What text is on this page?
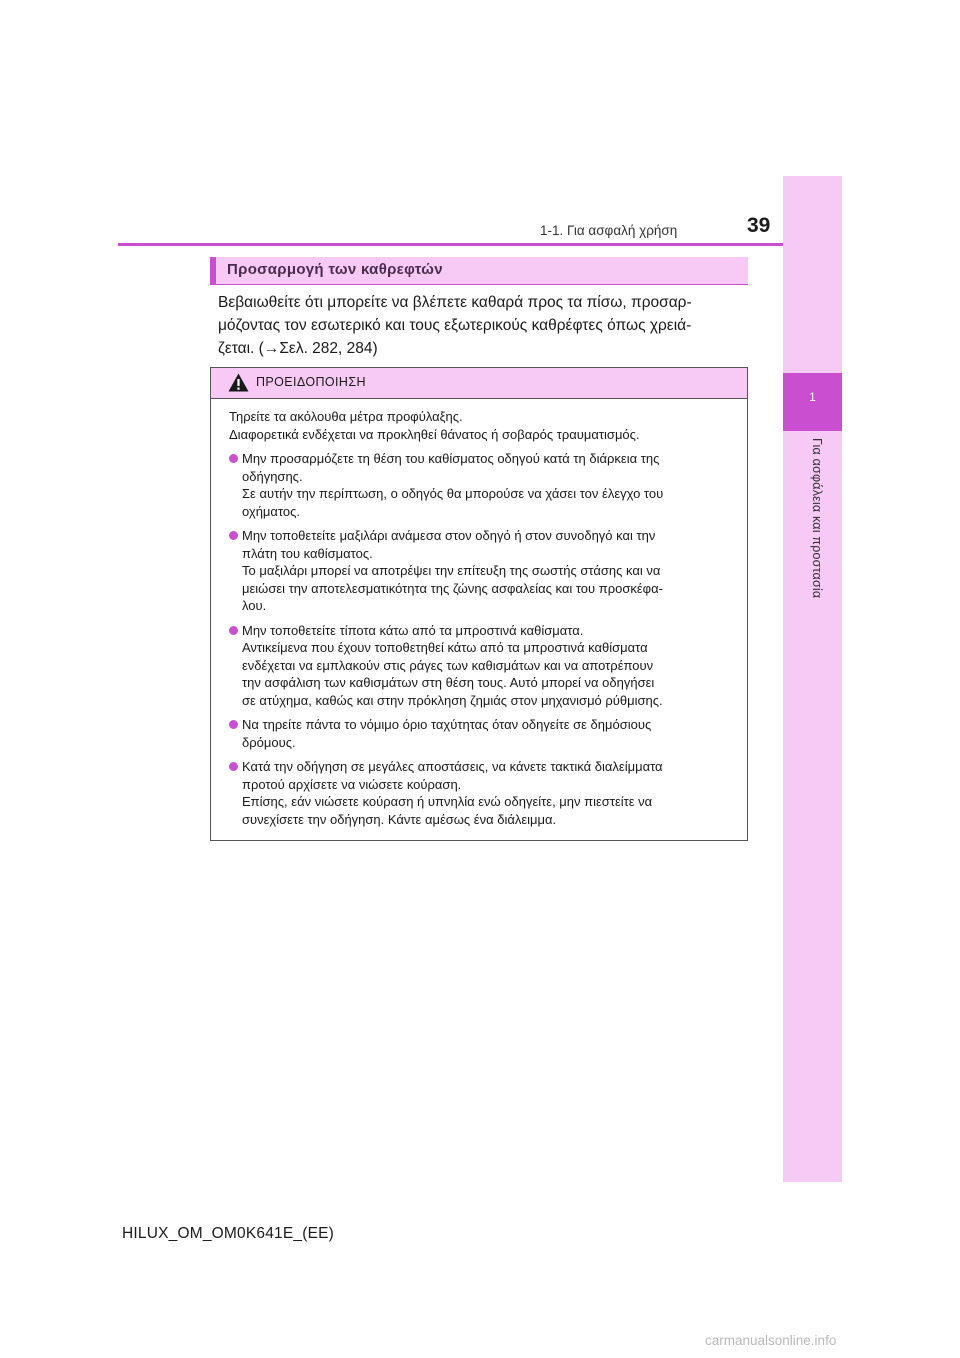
1
Για ασφάλεια και προστασία
1-1. Για ασφαλή χρήση	39
Προσαρμογή των καθρεφτών
Βεβαιωθείτε ότι μπορείτε να βλέπετε καθαρά προς τα πίσω, προσαρ-
μόζοντας τον εσωτερικό και τους εξωτερικούς καθρέφτες όπως χρειά-
ζεται. (→Σελ. 282, 284)
ΠΡΟΕΙΔΟΠΟΙΗΣΗ

Τηρείτε τα ακόλουθα μέτρα προφύλαξης.
Διαφορετικά ενδέχεται να προκληθεί θάνατος ή σοβαρός τραυματισμός.

Μην προσαρμόζετε τη θέση του καθίσματος οδηγού κατά τη διάρκεια της
οδήγησης.
Σε αυτήν την περίπτωση, ο οδηγός θα μπορούσε να χάσει τον έλεγχο του
οχήματος.
Μην τοποθετείτε μαξιλάρι ανάμεσα στον οδηγό ή στον συνοδηγό και την
πλάτη του καθίσματος.
Το μαξιλάρι μπορεί να αποτρέψει την επίτευξη της σωστής στάσης και να
μειώσει την αποτελεσματικότητα της ζώνης ασφαλείας και του προσκέφα-
λου.
Μην τοποθετείτε τίποτα κάτω από τα μπροστινά καθίσματα.
Αντικείμενα που έχουν τοποθετηθεί κάτω από τα μπροστινά καθίσματα
ενδέχεται να εμπλακούν στις ράγες των καθισμάτων και να αποτρέπουν
την ασφάλιση των καθισμάτων στη θέση τους. Αυτό μπορεί να οδηγήσει
σε ατύχημα, καθώς και στην πρόκληση ζημιάς στον μηχανισμό ρύθμισης.
Να τηρείτε πάντα το νόμιμο όριο ταχύτητας όταν οδηγείτε σε δημόσιους
δρόμους.
Κατά την οδήγηση σε μεγάλες αποστάσεις, να κάνετε τακτικά διαλείμματα
προτού αρχίσετε να νιώσετε κούραση.
Επίσης, εάν νιώσετε κούραση ή υπνηλία ενώ οδηγείτε, μην πιεστείτε να
συνεχίσετε την οδήγηση. Κάντε αμέσως ένα διάλειμμα.
HILUX_OM_OM0K641E_(EE)
carmanualsonline.info
